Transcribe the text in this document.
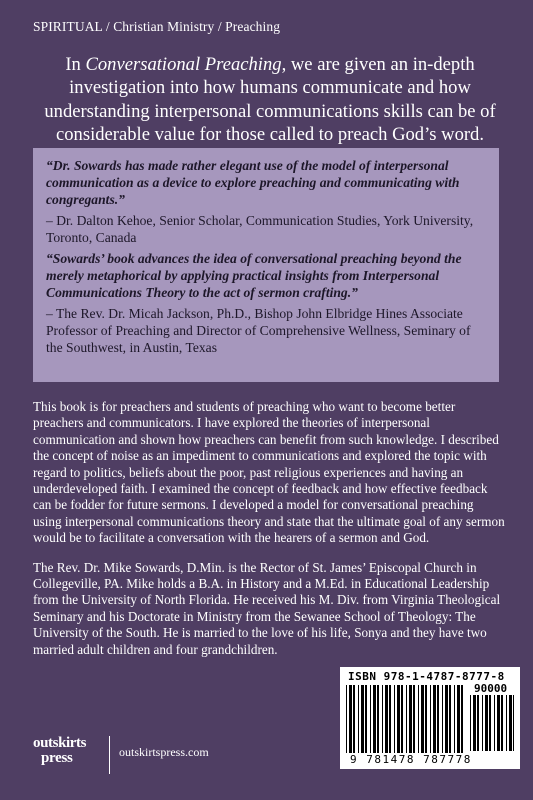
SPIRITUAL / Christian Ministry / Preaching
In Conversational Preaching, we are given an in-depth investigation into how humans communicate and how understanding interpersonal communications skills can be of considerable value for those called to preach God’s word.

“Dr. Sowards has made rather elegant use of the model of interpersonal communication as a device to explore preaching and communicating with congregants.”

– Dr. Dalton Kehoe, Senior Scholar, Communication Studies, York University, Toronto, Canada

“Sowards’ book advances the idea of conversational preaching beyond the merely metaphorical by applying practical insights from Interpersonal Communications Theory to the act of sermon crafting.”

– The Rev. Dr. Micah Jackson, Ph.D., Bishop John Elbridge Hines Associate Professor of Preaching and Director of Comprehensive Wellness, Seminary of the Southwest, in Austin, Texas

This book is for preachers and students of preaching who want to become better preachers and communicators. I have explored the theories of interpersonal communication and shown how preachers can benefit from such knowledge. I described the concept of noise as an impediment to communications and explored the topic with regard to politics, beliefs about the poor, past religious experiences and having an underdeveloped faith. I examined the concept of feedback and how effective feedback can be fodder for future sermons. I developed a model for conversational preaching using interpersonal communications theory and state that the ultimate goal of any sermon would be to facilitate a conversation with the hearers of a sermon and God.

The Rev. Dr. Mike Sowards, D.Min. is the Rector of St. James’ Episcopal Church in Collegeville, PA. Mike holds a B.A. in History and a M.Ed. in Educational Leadership from the University of North Florida. He received his M. Div. from Virginia Theological Seminary and his Doctorate in Ministry from the Sewanee School of Theology: The University of the South. He is married to the love of his life, Sonya and they have two married adult children and four grandchildren.

ISBN 978-1-4787-8777-8
90000
9 781478 787778
outskirts
press	outskirtspress.com
